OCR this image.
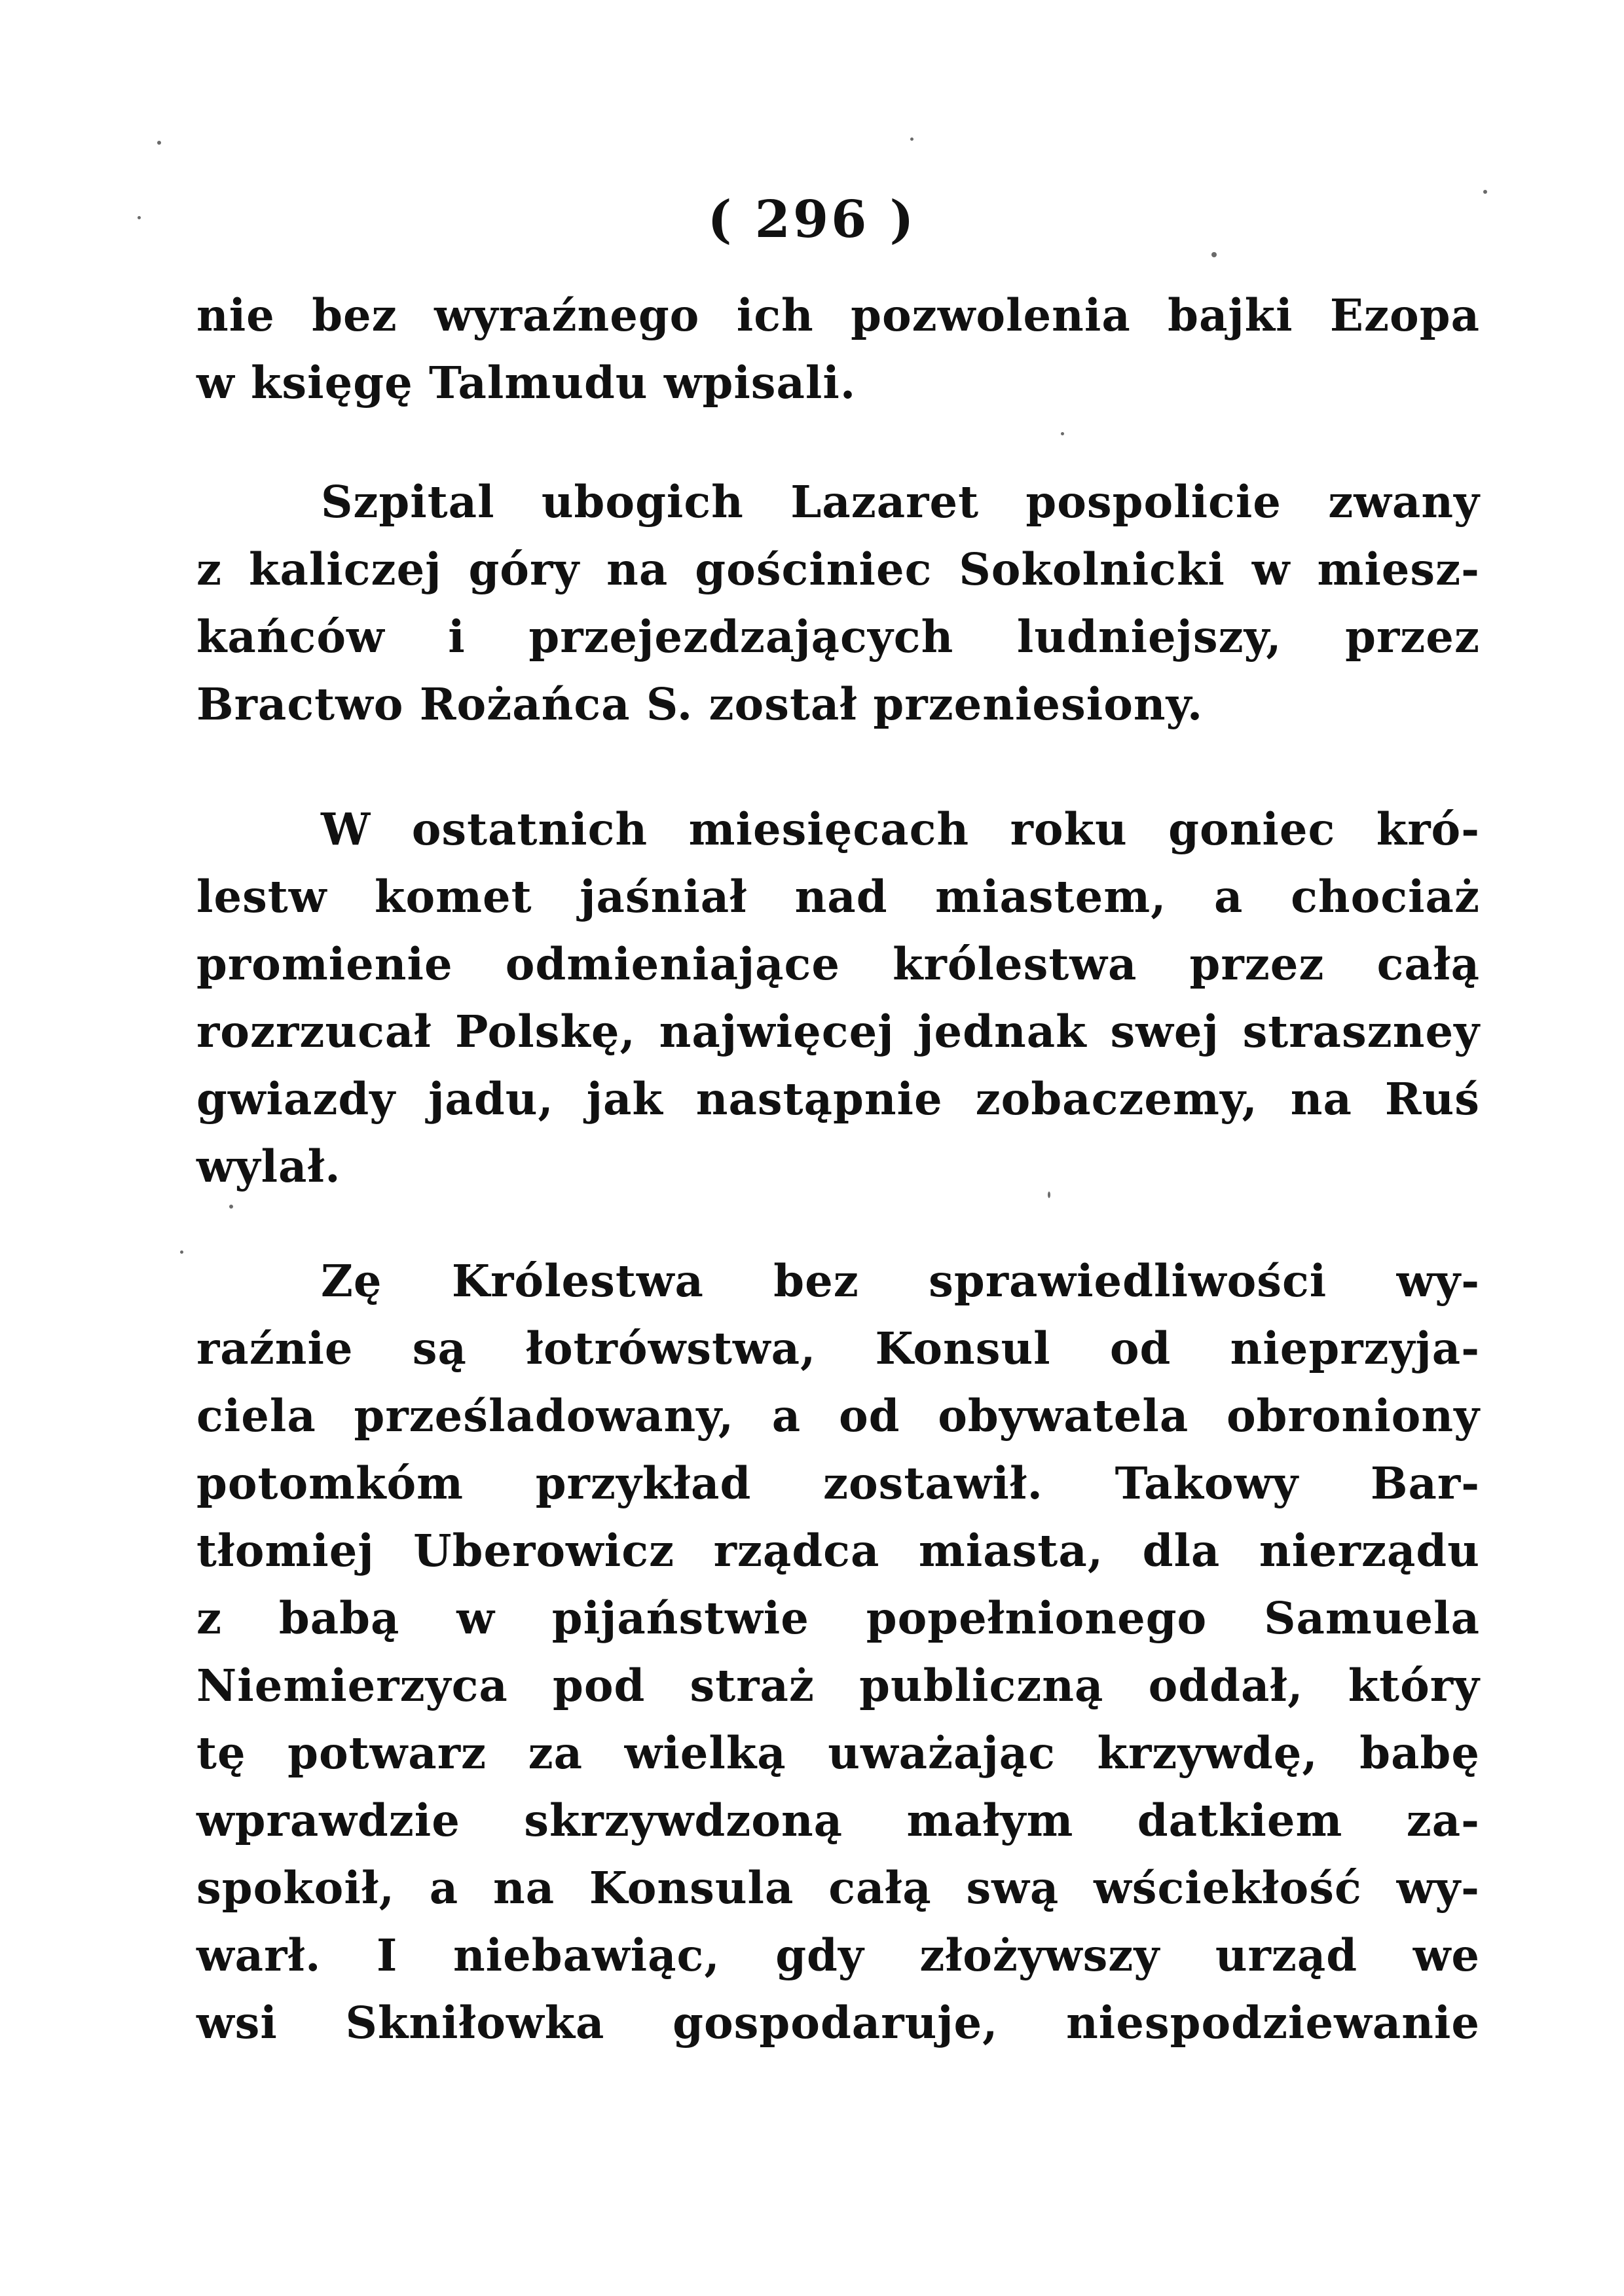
( 296 )
nie bez wyraźnego ich pozwolenia bajki Ezopa
w księgę Talmudu wpisali.
Szpital ubogich Lazaret pospolicie zwany
z kaliczej góry na gościniec Sokolnicki w miesz-
kańców i przejezdzających ludniejszy, przez
Bractwo Rożańca S. został przeniesiony.
W ostatnich miesięcach roku goniec kró-
lestw komet jaśniał nad miastem, a chociaż
promienie odmieniające królestwa przez całą
rozrzucał Polskę, najwięcej jednak swej straszney
gwiazdy jadu, jak nastąpnie zobaczemy, na Ruś
wylał.
Zę Królestwa bez sprawiedliwości wy-
raźnie są łotrówstwa, Konsul od nieprzyja-
ciela prześladowany, a od obywatela obroniony
potomkóm przykład zostawił. Takowy Bar-
tłomiej Uberowicz rządca miasta, dla nierządu
z babą w pijaństwie popełnionego Samuela
Niemierzyca pod straż publiczną oddał, który
tę potwarz za wielką uważając krzywdę, babę
wprawdzie skrzywdzoną małym datkiem za-
spokoił, a na Konsula całą swą wściekłość wy-
warł. I niebawiąc, gdy złożywszy urząd we
wsi Skniłowka gospodaruje, niespodziewanie
